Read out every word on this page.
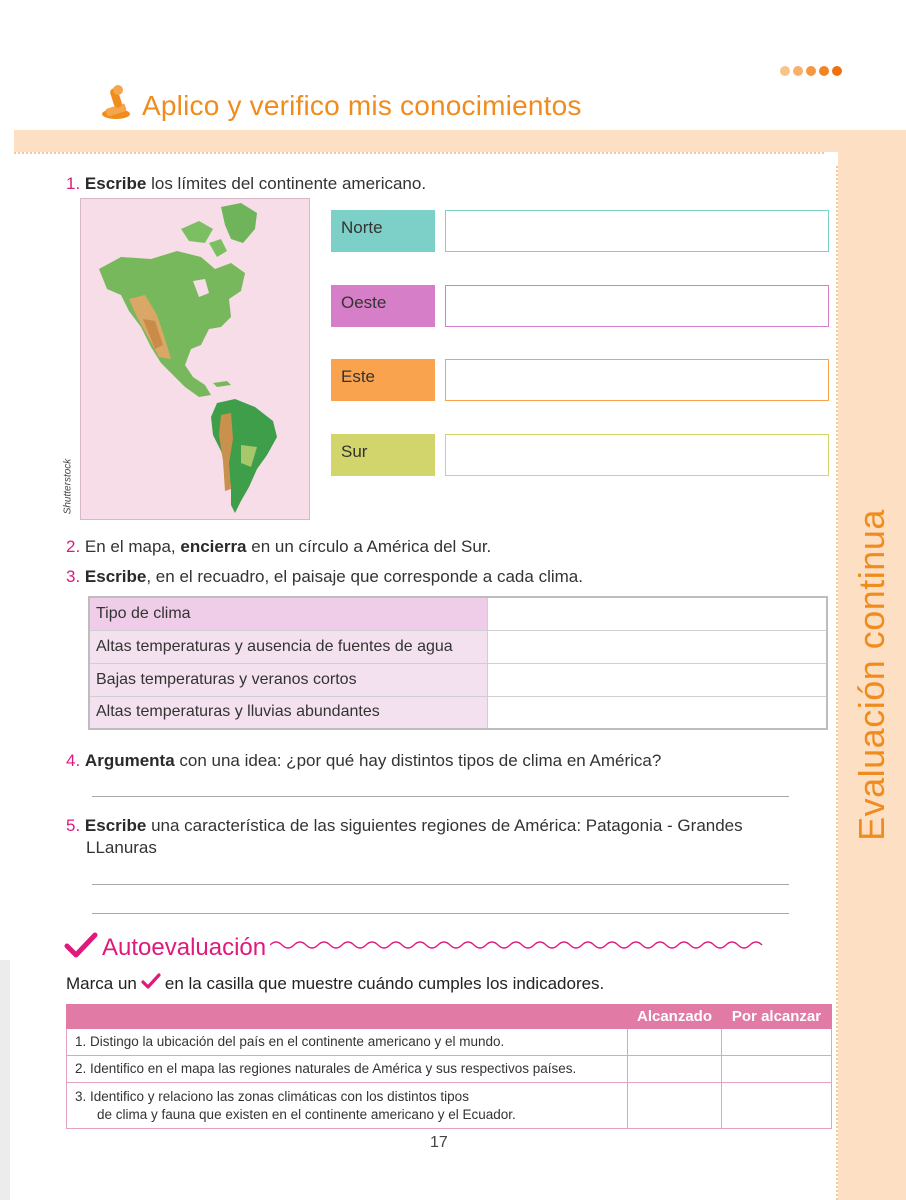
Evaluación continua
Aplico y verifico mis conocimientos
1. Escribe los límites del continente americano.
Shutterstock
Norte
Oeste
Este
Sur
2. En el mapa, encierra en un círculo a América del Sur.
3. Escribe, en el recuadro, el paisaje que corresponde a cada clima.
Tipo de clima	
Altas temperaturas y ausencia de fuentes de agua	
Bajas temperaturas y veranos cortos	
Altas temperaturas y lluvias abundantes	
4. Argumenta con una idea: ¿por qué hay distintos tipos de clima en América?
5. Escribe una característica de las siguientes regiones de América: Patagonia - Grandes
LLanuras
Autoevaluación
Marca un en la casilla que muestre cuándo cumples los indicadores.
	Alcanzado	Por alcanzar
1. Distingo la ubicación del país en el continente americano y el mundo.		
2. Identifico en el mapa las regiones naturales de América y sus respectivos países.		

3. Identifico y relaciono las zonas climáticas con los distintos tipos
de clima y fauna que existen en el continente americano y el Ecuador.		

17
